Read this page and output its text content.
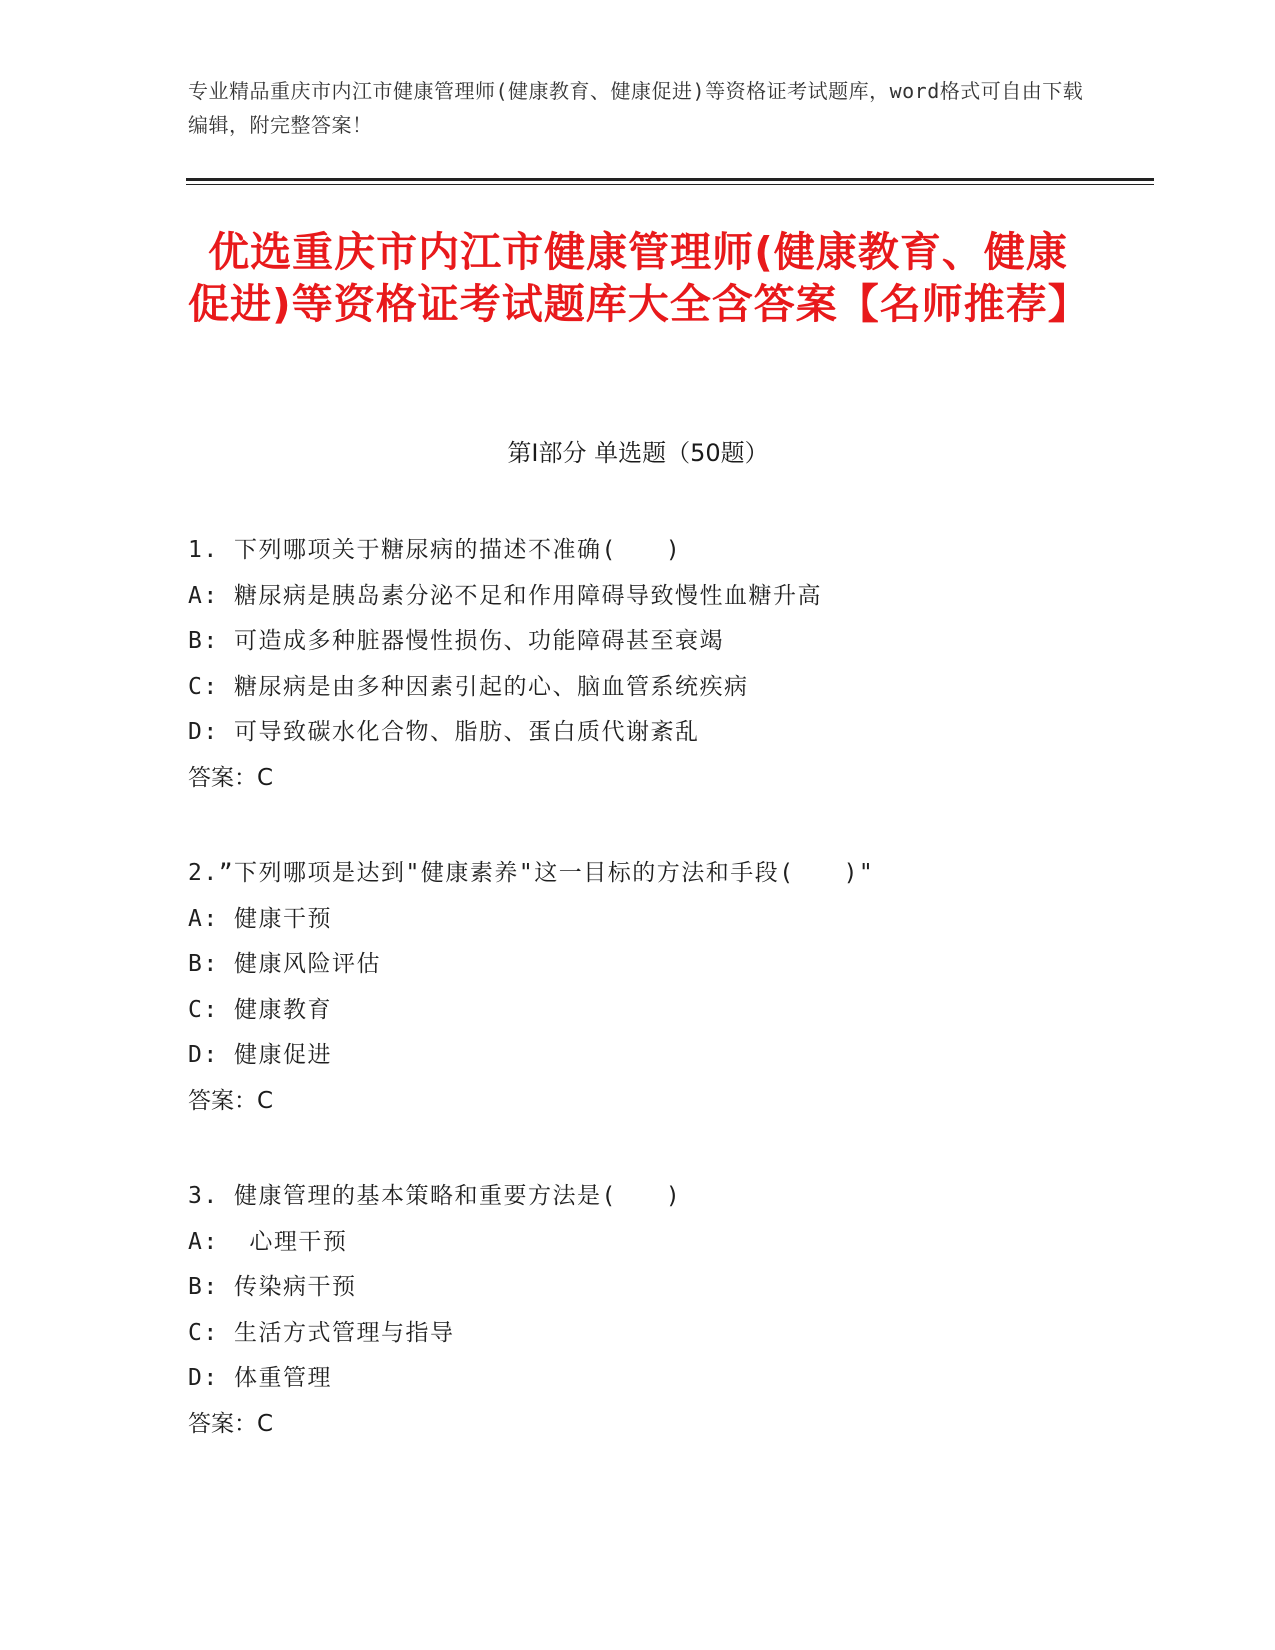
专业精品重庆市内江市健康管理师(健康教育、健康促进)等资格证考试题库，word格式可自由下载编辑，附完整答案！
优选重庆市内江市健康管理师(健康教育、健康促进)等资格证考试题库大全含答案【名师推荐】
第Ⅰ部分 单选题（50题）
1. 下列哪项关于糖尿病的描述不准确(　　)
A: 糖尿病是胰岛素分泌不足和作用障碍导致慢性血糖升高
B: 可造成多种脏器慢性损伤、功能障碍甚至衰竭
C: 糖尿病是由多种因素引起的心、脑血管系统疾病
D: 可导致碳水化合物、脂肪、蛋白质代谢紊乱
答案：C
2.”下列哪项是达到"健康素养"这一目标的方法和手段(　　)"
A: 健康干预
B: 健康风险评估
C: 健康教育
D: 健康促进
答案：C
3. 健康管理的基本策略和重要方法是(　　)
A:  心理干预
B: 传染病干预
C: 生活方式管理与指导
D: 体重管理
答案：C
